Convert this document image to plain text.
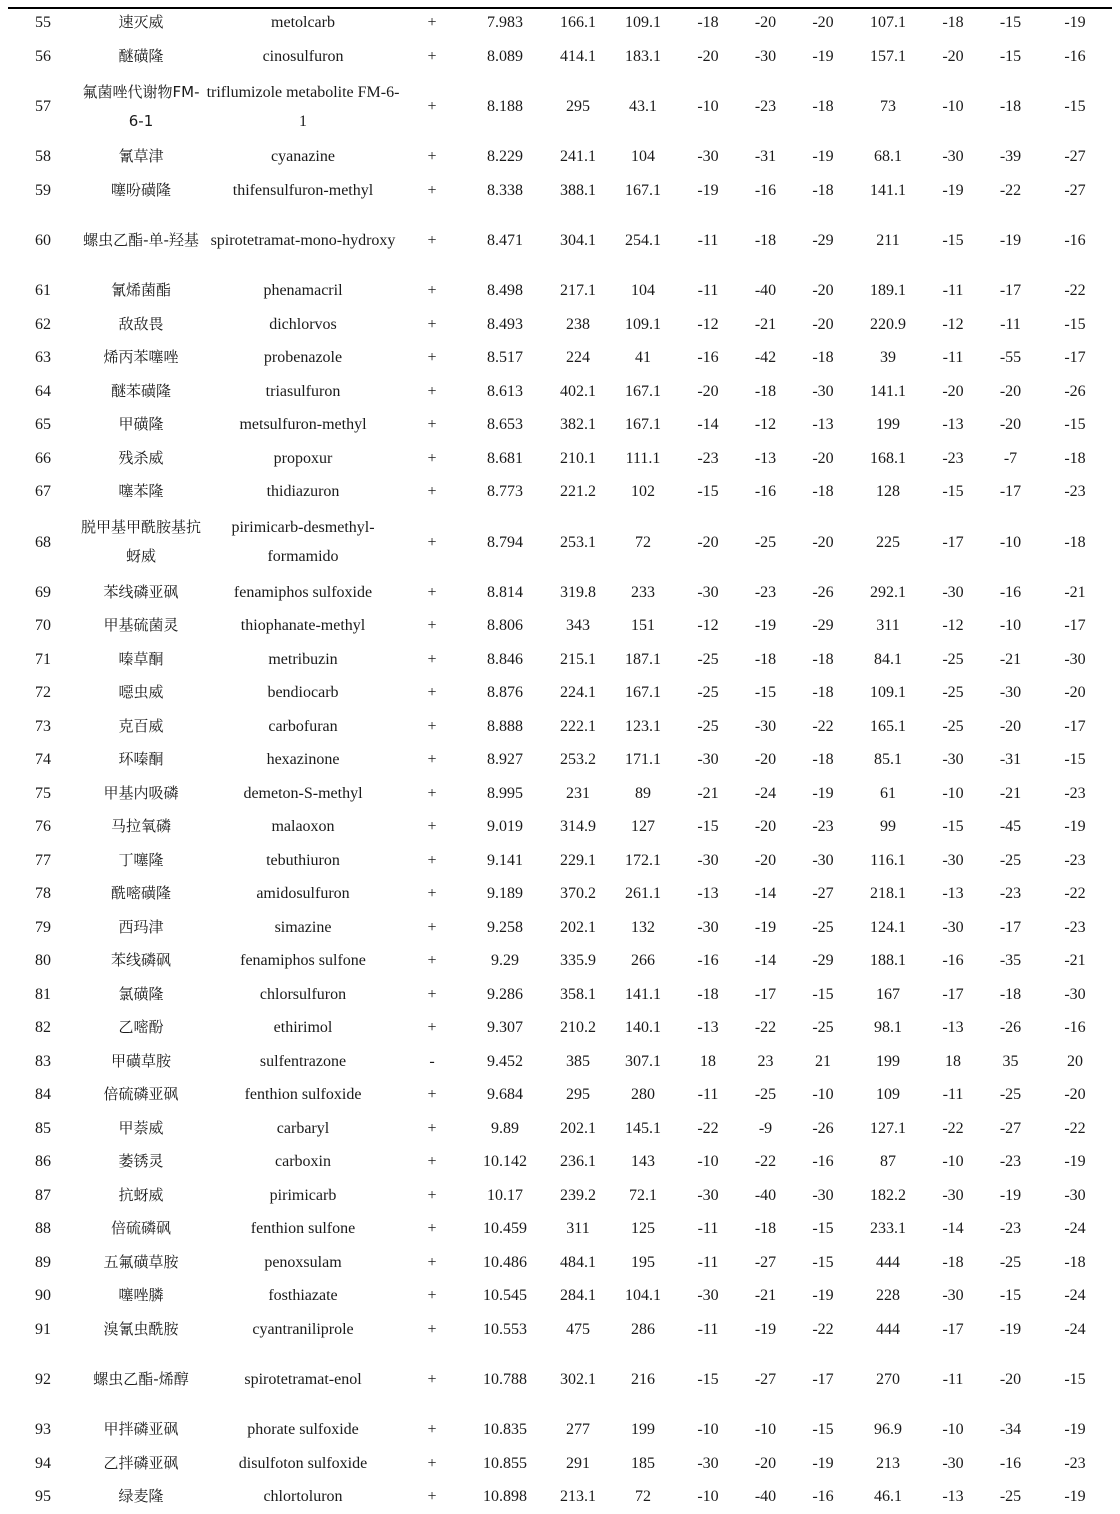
55	速灭威	metolcarb	+	7.983	166.1	109.1	-18	-20	-20	107.1	-18	-15	-19
56	醚磺隆	cinosulfuron	+	8.089	414.1	183.1	-20	-30	-19	157.1	-20	-15	-16
57	氟菌唑代谢物FM-6-1	triflumizole metabolite FM-6-1	+	8.188	295	43.1	-10	-23	-18	73	-10	-18	-15
58	氰草津	cyanazine	+	8.229	241.1	104	-30	-31	-19	68.1	-30	-39	-27
59	噻吩磺隆	thifensulfuron-methyl	+	8.338	388.1	167.1	-19	-16	-18	141.1	-19	-22	-27
60	螺虫乙酯-单-羟基	spirotetramat-mono-hydroxy	+	8.471	304.1	254.1	-11	-18	-29	211	-15	-19	-16
61	氰烯菌酯	phenamacril	+	8.498	217.1	104	-11	-40	-20	189.1	-11	-17	-22
62	敌敌畏	dichlorvos	+	8.493	238	109.1	-12	-21	-20	220.9	-12	-11	-15
63	烯丙苯噻唑	probenazole	+	8.517	224	41	-16	-42	-18	39	-11	-55	-17
64	醚苯磺隆	triasulfuron	+	8.613	402.1	167.1	-20	-18	-30	141.1	-20	-20	-26
65	甲磺隆	metsulfuron-methyl	+	8.653	382.1	167.1	-14	-12	-13	199	-13	-20	-15
66	残杀威	propoxur	+	8.681	210.1	111.1	-23	-13	-20	168.1	-23	-7	-18
67	噻苯隆	thidiazuron	+	8.773	221.2	102	-15	-16	-18	128	-15	-17	-23
68	脱甲基甲酰胺基抗蚜威	pirimicarb-desmethyl-formamido	+	8.794	253.1	72	-20	-25	-20	225	-17	-10	-18
69	苯线磷亚砜	fenamiphos sulfoxide	+	8.814	319.8	233	-30	-23	-26	292.1	-30	-16	-21
70	甲基硫菌灵	thiophanate-methyl	+	8.806	343	151	-12	-19	-29	311	-12	-10	-17
71	嗪草酮	metribuzin	+	8.846	215.1	187.1	-25	-18	-18	84.1	-25	-21	-30
72	噁虫威	bendiocarb	+	8.876	224.1	167.1	-25	-15	-18	109.1	-25	-30	-20
73	克百威	carbofuran	+	8.888	222.1	123.1	-25	-30	-22	165.1	-25	-20	-17
74	环嗪酮	hexazinone	+	8.927	253.2	171.1	-30	-20	-18	85.1	-30	-31	-15
75	甲基内吸磷	demeton-S-methyl	+	8.995	231	89	-21	-24	-19	61	-10	-21	-23
76	马拉氧磷	malaoxon	+	9.019	314.9	127	-15	-20	-23	99	-15	-45	-19
77	丁噻隆	tebuthiuron	+	9.141	229.1	172.1	-30	-20	-30	116.1	-30	-25	-23
78	酰嘧磺隆	amidosulfuron	+	9.189	370.2	261.1	-13	-14	-27	218.1	-13	-23	-22
79	西玛津	simazine	+	9.258	202.1	132	-30	-19	-25	124.1	-30	-17	-23
80	苯线磷砜	fenamiphos sulfone	+	9.29	335.9	266	-16	-14	-29	188.1	-16	-35	-21
81	氯磺隆	chlorsulfuron	+	9.286	358.1	141.1	-18	-17	-15	167	-17	-18	-30
82	乙嘧酚	ethirimol	+	9.307	210.2	140.1	-13	-22	-25	98.1	-13	-26	-16
83	甲磺草胺	sulfentrazone	-	9.452	385	307.1	18	23	21	199	18	35	20
84	倍硫磷亚砜	fenthion sulfoxide	+	9.684	295	280	-11	-25	-10	109	-11	-25	-20
85	甲萘威	carbaryl	+	9.89	202.1	145.1	-22	-9	-26	127.1	-22	-27	-22
86	萎锈灵	carboxin	+	10.142	236.1	143	-10	-22	-16	87	-10	-23	-19
87	抗蚜威	pirimicarb	+	10.17	239.2	72.1	-30	-40	-30	182.2	-30	-19	-30
88	倍硫磷砜	fenthion sulfone	+	10.459	311	125	-11	-18	-15	233.1	-14	-23	-24
89	五氟磺草胺	penoxsulam	+	10.486	484.1	195	-11	-27	-15	444	-18	-25	-18
90	噻唑膦	fosthiazate	+	10.545	284.1	104.1	-30	-21	-19	228	-30	-15	-24
91	溴氰虫酰胺	cyantraniliprole	+	10.553	475	286	-11	-19	-22	444	-17	-19	-24
92	螺虫乙酯-烯醇	spirotetramat-enol	+	10.788	302.1	216	-15	-27	-17	270	-11	-20	-15
93	甲拌磷亚砜	phorate sulfoxide	+	10.835	277	199	-10	-10	-15	96.9	-10	-34	-19
94	乙拌磷亚砜	disulfoton sulfoxide	+	10.855	291	185	-30	-20	-19	213	-30	-16	-23
95	绿麦隆	chlortoluron	+	10.898	213.1	72	-10	-40	-16	46.1	-13	-25	-19
